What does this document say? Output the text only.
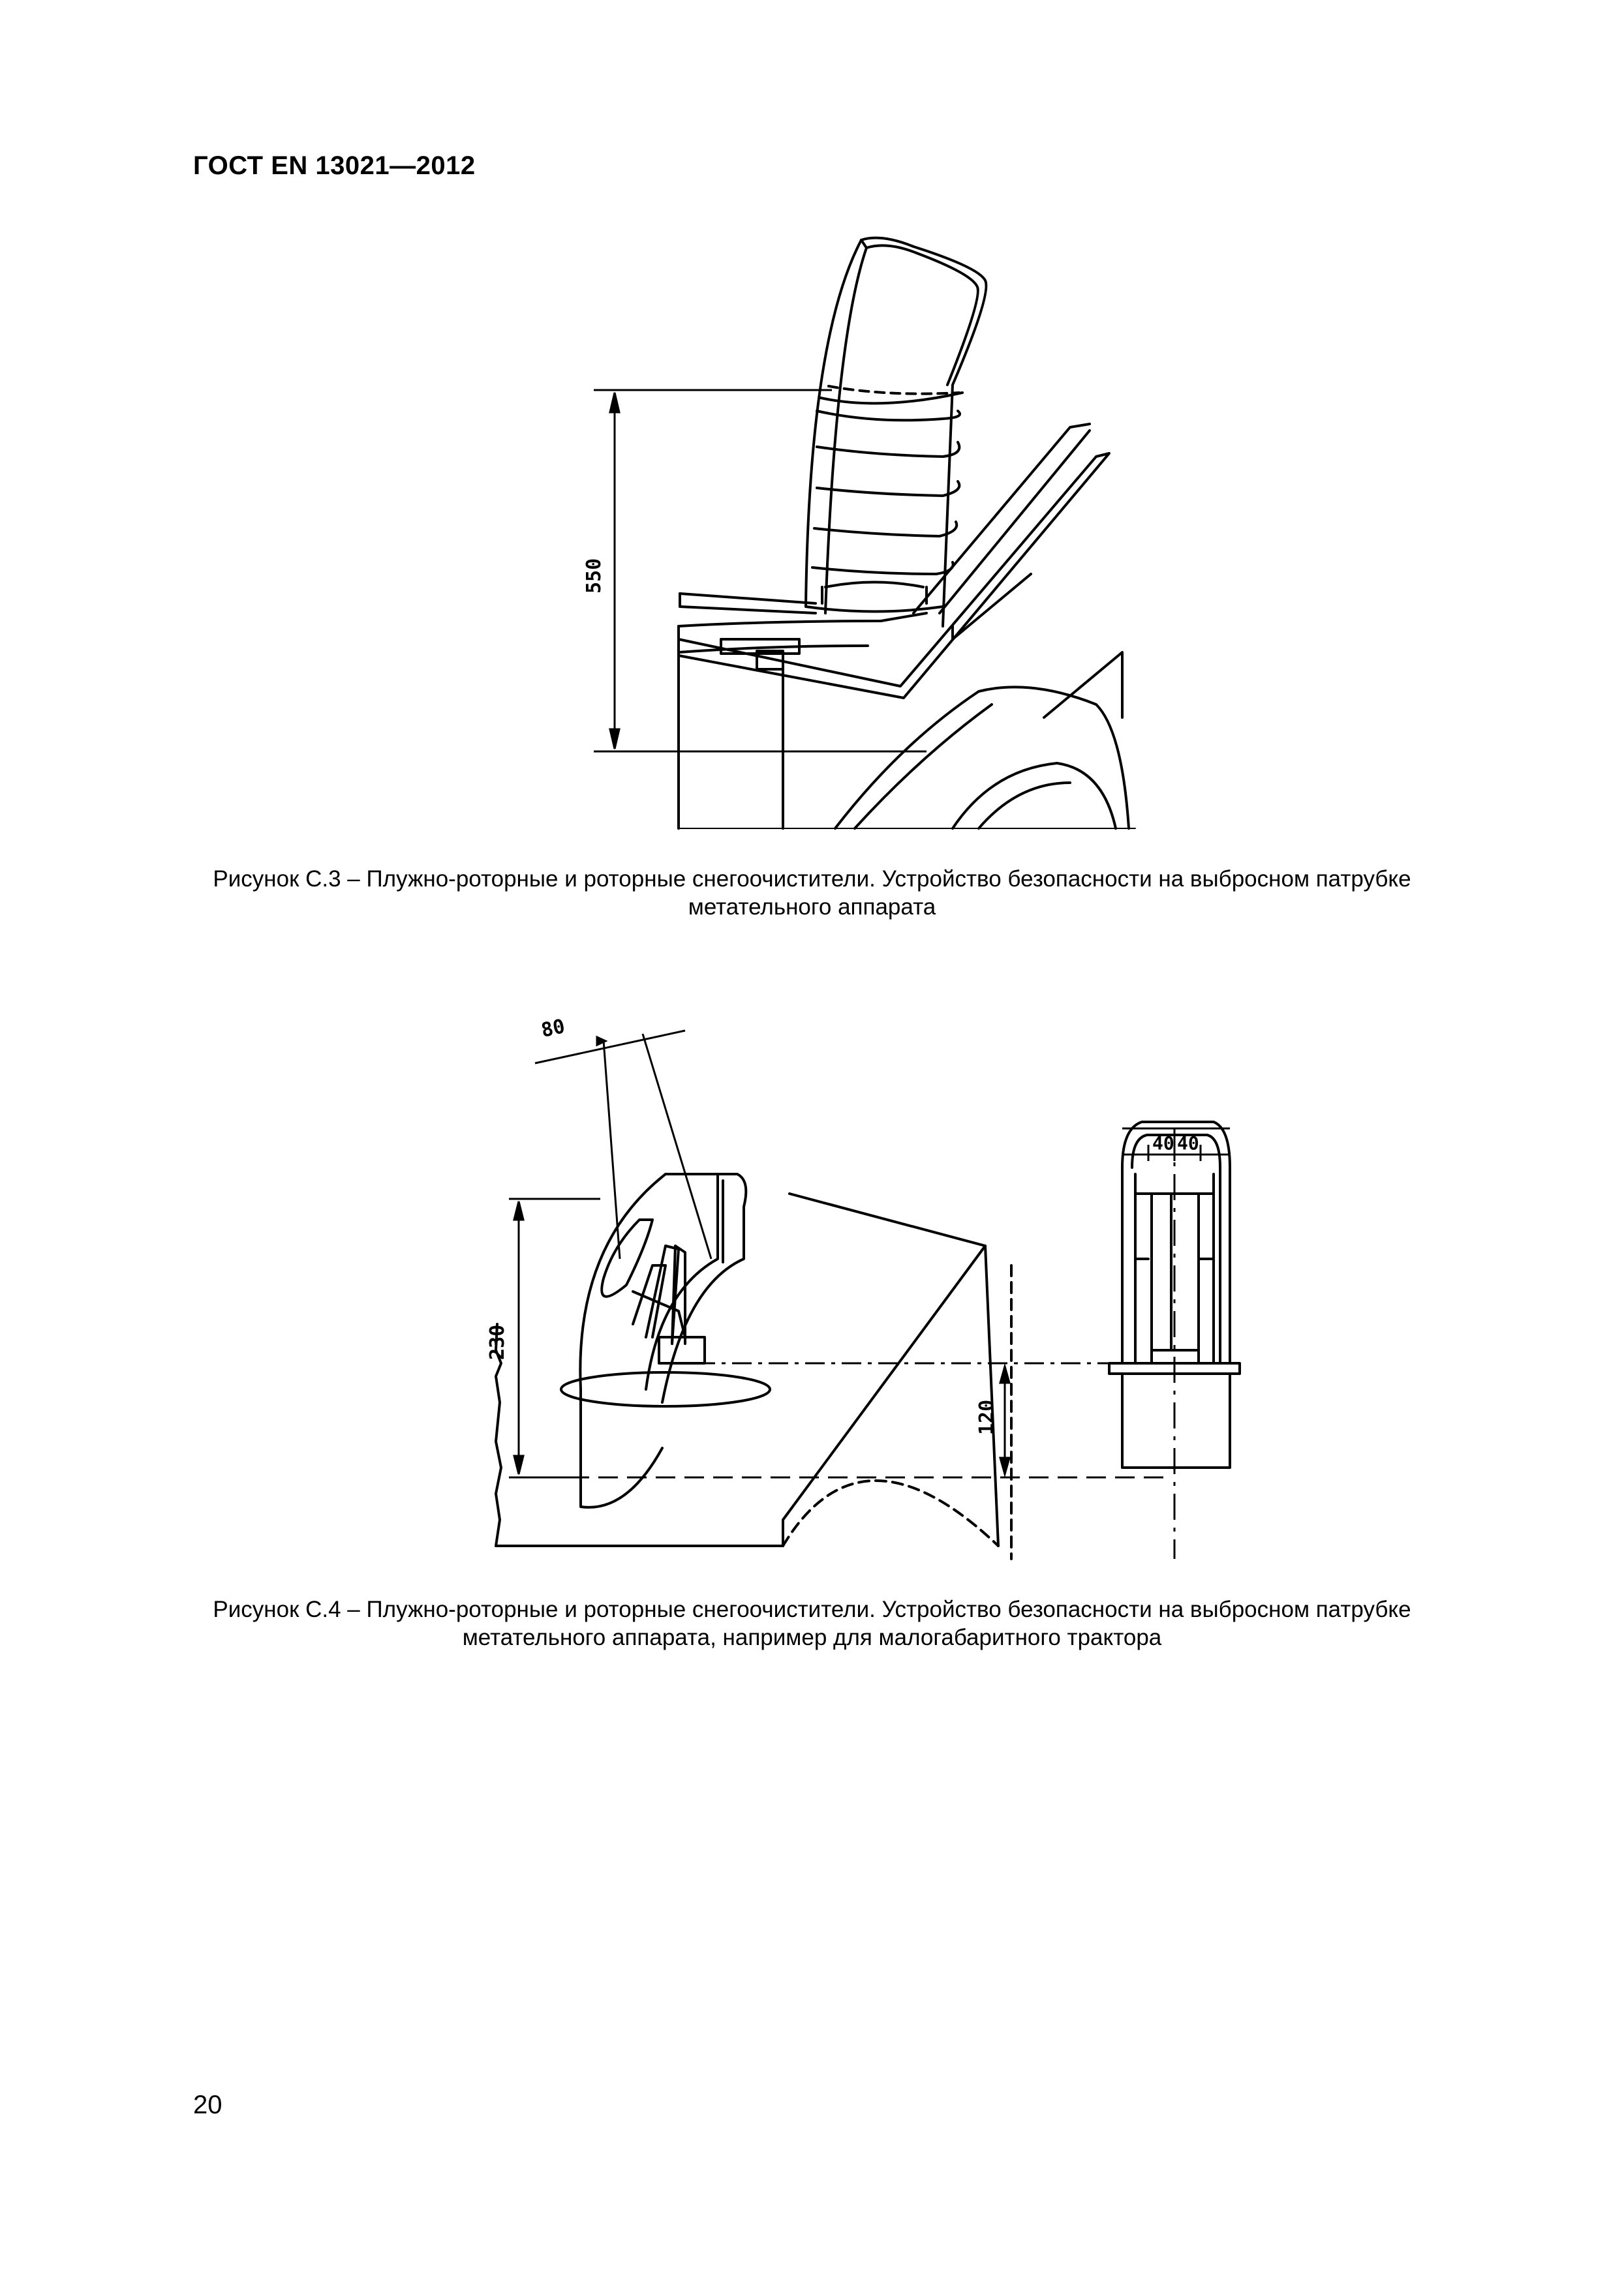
ГОСТ EN 13021—2012
550
Рисунок С.3 – Плужно-роторные и роторные снегоочистители. Устройство безопасности на выбросном патрубке
метательного аппарата
80
230
120
40 40
Рисунок С.4 – Плужно-роторные и роторные снегоочистители. Устройство безопасности на выбросном патрубке
метательного аппарата, например для малогабаритного трактора
20
